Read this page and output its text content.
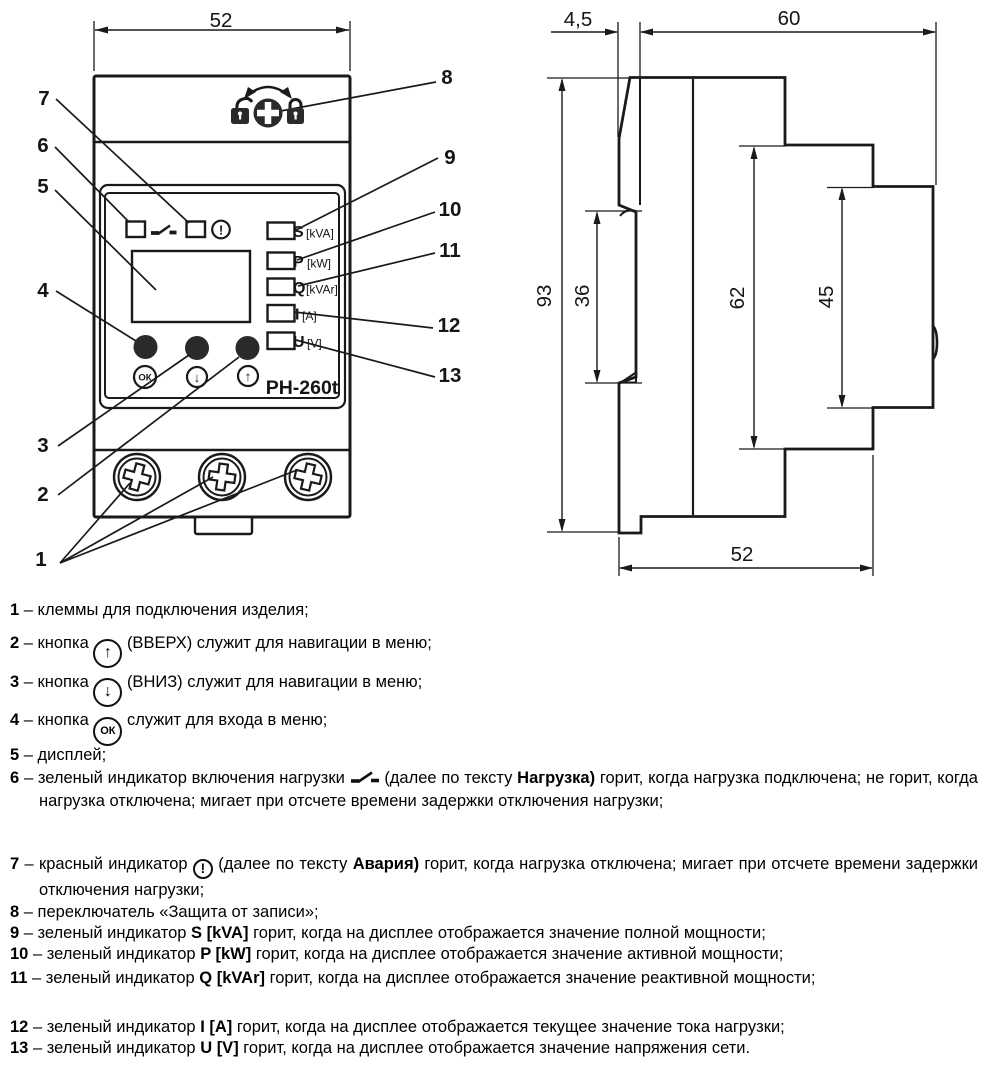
52
!	S [kVA]
P [kW]
Q [kVAr]
I [A]
U [V]
ОК	↓	↑
РН-260t
7
6
5
4
3
2
1
8
9
10
11
12
13
4,5	60
93 36	62	45
52
1 – клеммы для подключения изделия;
2 – кнопка ↑ (ВВЕРХ) служит для навигации в меню;
3 – кнопка ↓ (ВНИЗ) служит для навигации в меню;
4 – кнопка ОК служит для входа в меню;
5 – дисплей;
6 – зеленый индикатор включения нагрузки (далее по тексту Нагрузка) горит, когда нагрузка подключена; не горит, когда нагрузка отключена; мигает при отсчете времени задержки отключения нагрузки;
7 – красный индикатор ! (далее по тексту Авария) горит, когда нагрузка отключена; мигает при отсчете времени задержки отключения нагрузки;
8 – переключатель «Защита от записи»;
9 – зеленый индикатор S [kVA] горит, когда на дисплее отображается значение полной мощности;
10 – зеленый индикатор P [kW] горит, когда на дисплее отображается значение активной мощности;
11 – зеленый индикатор Q [kVAr] горит, когда на дисплее отображается значение реактивной мощности;
12 – зеленый индикатор I [A] горит, когда на дисплее отображается текущее значение тока нагрузки;
13 – зеленый индикатор U [V] горит, когда на дисплее отображается значение напряжения сети.
